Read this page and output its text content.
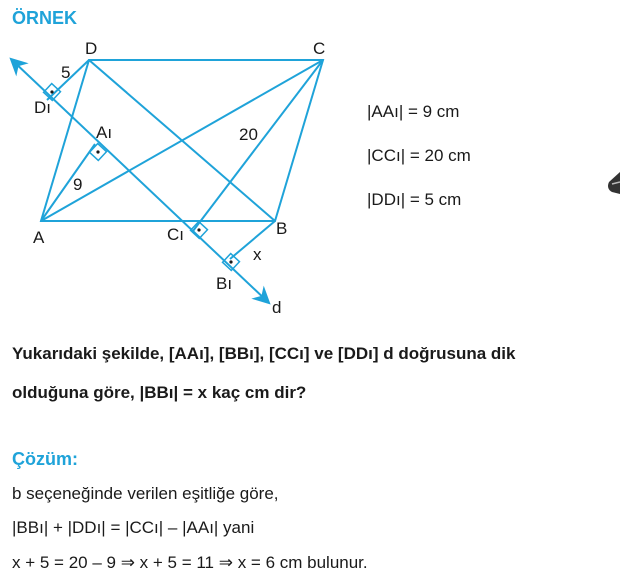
ÖRNEK
D	C
A	B
Dı
Aı
Cı
Bı
d
5
20
9
x
|AAı| = 9 cm
|CCı| = 20 cm
|DDı| = 5 cm
Yukarıdaki şekilde, [AAı], [BBı], [CCı] ve [DDı] d doğrusuna dik
olduğuna göre, |BBı| = x kaç cm dir?
Çözüm:
b seçeneğinde verilen eşitliğe göre,
|BBı| + |DDı| = |CCı| – |AAı| yani
x + 5 = 20 – 9 ⇒ x + 5 = 11 ⇒ x = 6 cm bulunur.
